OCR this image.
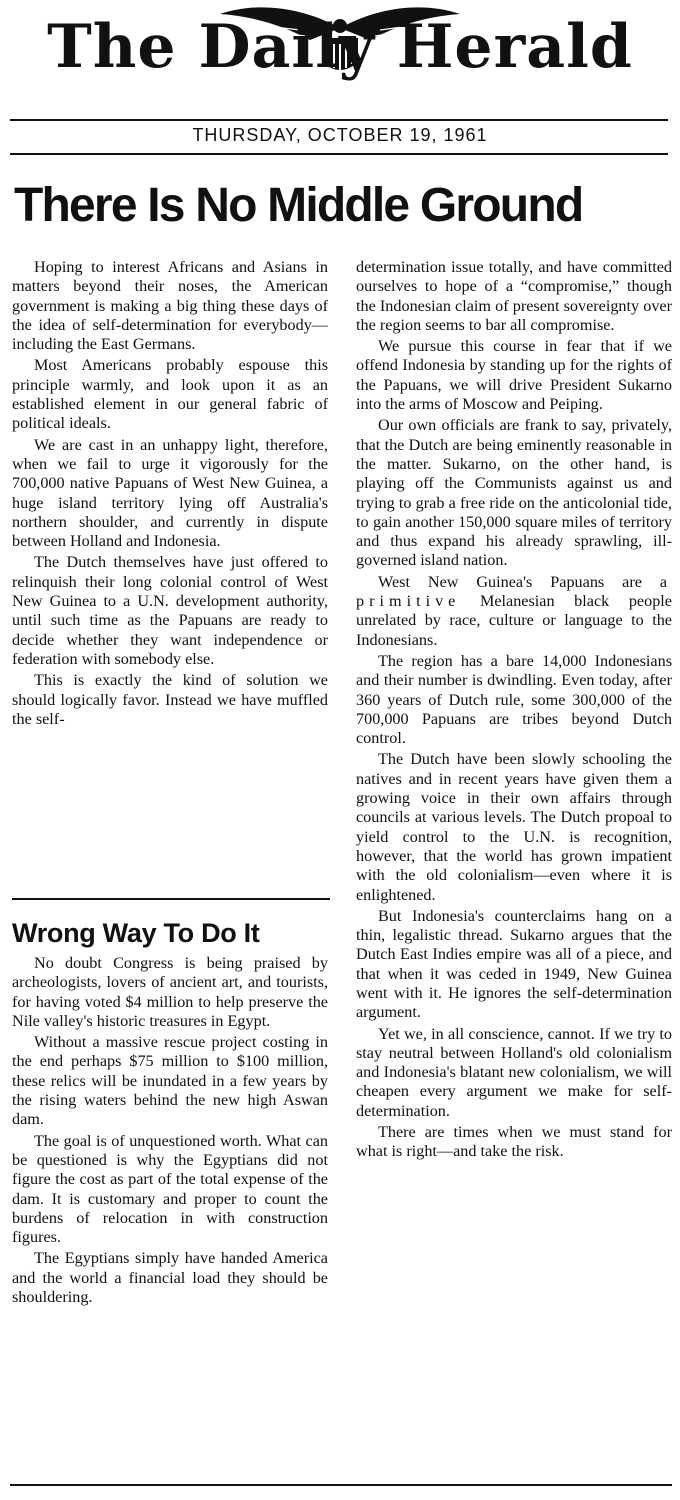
The Daily Herald
THURSDAY, OCTOBER 19, 1961
There Is No Middle Ground

Hoping to interest Africans and Asians in matters beyond their noses, the American government is making a big thing these days of the idea of self-determination for everybody—including the East Germans.

Most Americans probably espouse this principle warmly, and look upon it as an established element in our general fabric of political ideals.

We are cast in an unhappy light, therefore, when we fail to urge it vigorously for the 700,000 native Papuans of West New Guinea, a huge island territory lying off Australia's northern shoulder, and currently in dispute between Holland and Indonesia.

The Dutch themselves have just offered to relinquish their long colonial control of West New Guinea to a U.N. development authority, until such time as the Papuans are ready to decide whether they want independence or federation with somebody else.

This is exactly the kind of solution we should logically favor. Instead we have muffled the self-

Wrong Way To Do It

No doubt Congress is being praised by archeologists, lovers of ancient art, and tourists, for having voted $4 million to help preserve the Nile valley's historic treasures in Egypt.

Without a massive rescue project costing in the end perhaps $75 million to $100 million, these relics will be inundated in a few years by the rising waters behind the new high Aswan dam.

The goal is of unquestioned worth. What can be questioned is why the Egyptians did not figure the cost as part of the total expense of the dam. It is customary and proper to count the burdens of relocation in with construction figures.

The Egyptians simply have handed America and the world a financial load they should be shouldering.

determination issue totally, and have committed ourselves to hope of a “compromise,” though the Indonesian claim of present sovereignty over the region seems to bar all compromise.

We pursue this course in fear that if we offend Indonesia by standing up for the rights of the Papuans, we will drive President Sukarno into the arms of Moscow and Peiping.

Our own officials are frank to say, privately, that the Dutch are being eminently reasonable in the matter. Sukarno, on the other hand, is playing off the Communists against us and trying to grab a free ride on the anticolonial tide, to gain another 150,000 square miles of territory and thus expand his already sprawling, ill-governed island nation.

West New Guinea's Papuans are a primitive Melanesian black people unrelated by race, culture or language to the Indonesians.

The region has a bare 14,000 Indonesians and their number is dwindling. Even today, after 360 years of Dutch rule, some 300,000 of the 700,000 Papuans are tribes beyond Dutch control.

The Dutch have been slowly schooling the natives and in recent years have given them a growing voice in their own affairs through councils at various levels. The Dutch propoal to yield control to the U.N. is recognition, however, that the world has grown impatient with the old colonialism—even where it is enlightened.

But Indonesia's counterclaims hang on a thin, legalistic thread. Sukarno argues that the Dutch East Indies empire was all of a piece, and that when it was ceded in 1949, New Guinea went with it. He ignores the self-determination argument.

Yet we, in all conscience, cannot. If we try to stay neutral between Holland's old colonialism and Indonesia's blatant new colonialism, we will cheapen every argument we make for self-determination.

There are times when we must stand for what is right—and take the risk.
